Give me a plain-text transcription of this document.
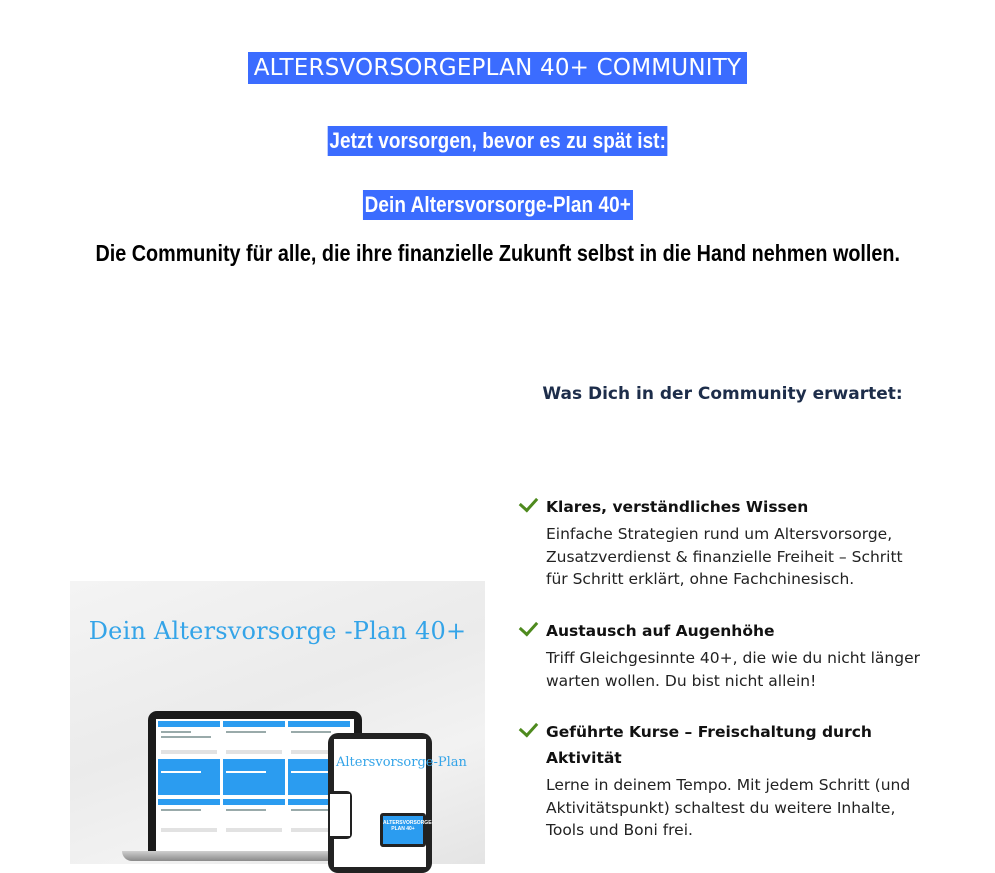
ALTERSVORSORGEPLAN 40+ COMMUNITY
Jetzt vorsorgen, bevor es zu spät ist:
Dein Altersvorsorge-Plan 40+
Die Community für alle, die ihre finanzielle Zukunft selbst in die Hand nehmen wollen.
Was Dich in der Community erwartet:
Klares, verständliches Wissen
Einfache Strategien rund um Altersvorsorge, Zusatzverdienst & finanzielle Freiheit – Schritt für Schritt erklärt, ohne Fachchinesisch.
Austausch auf Augenhöhe
Triff Gleichgesinnte 40+, die wie du nicht länger warten wollen. Du bist nicht allein!
Geführte Kurse – Freischaltung durch Aktivität
Lerne in deinem Tempo. Mit jedem Schritt (und Aktivitätspunkt) schaltest du weitere Inhalte, Tools und Boni frei.
Dein Altersvorsorge -Plan 40+
Altersvorsorge-Plan
ALTERSVORSORGE-PLAN 40+
